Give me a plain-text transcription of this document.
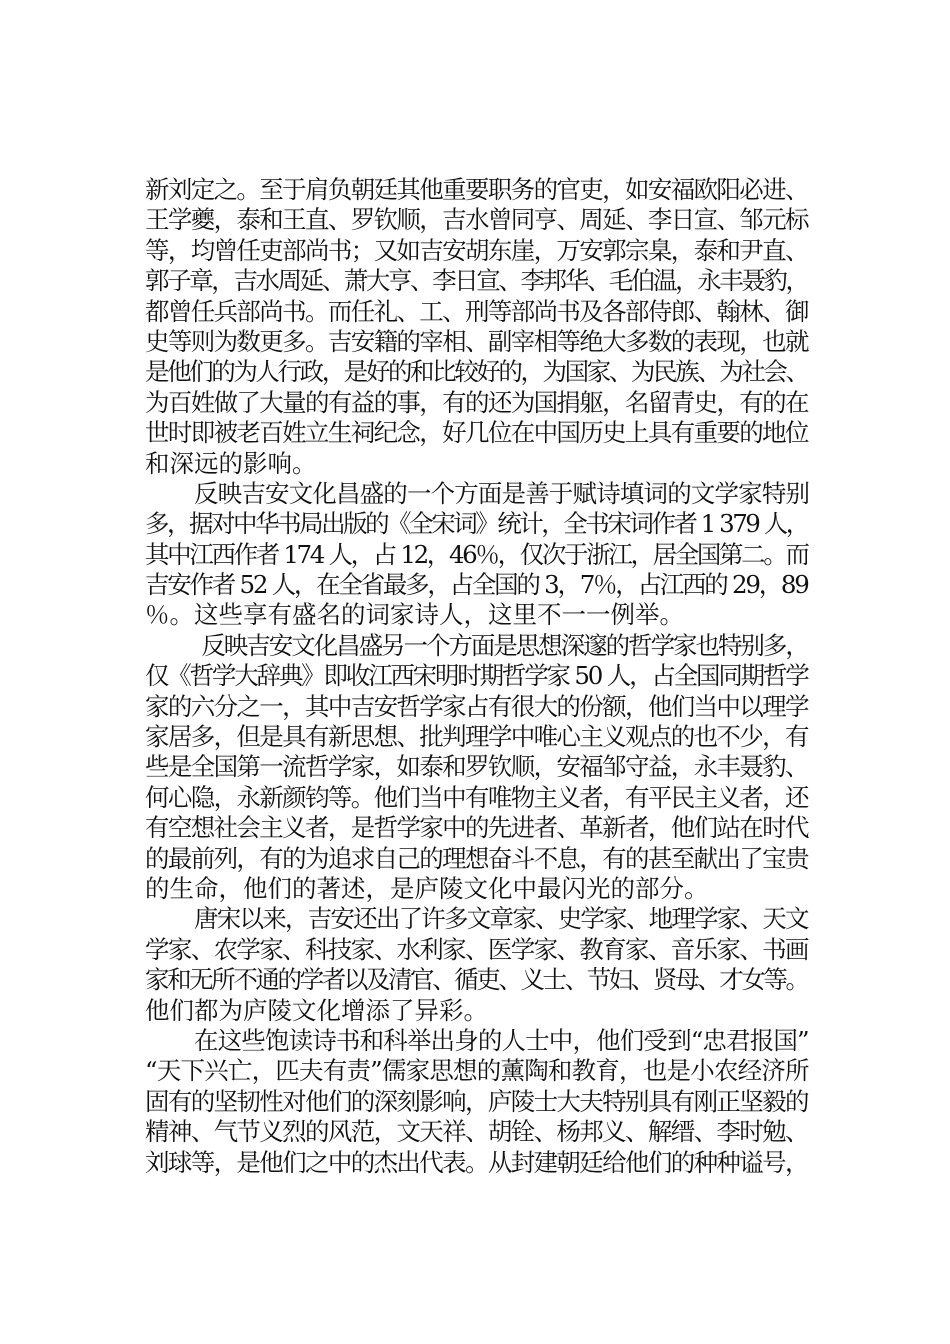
新刘定之。至于肩负朝廷其他重要职务的官吏，如安福欧阳必进、
王学夔，泰和王直、罗钦顺，吉水曾同亨、周延、李日宣、邹元标
等，均曾任吏部尚书；又如吉安胡东崖，万安郭宗臬，泰和尹直、
郭子章，吉水周延、萧大亨、李日宣、李邦华、毛伯温，永丰聂豹，
都曾任兵部尚书。而任礼、工、刑等部尚书及各部侍郎、翰林、御
史等则为数更多。吉安籍的宰相、副宰相等绝大多数的表现，也就
是他们的为人行政，是好的和比较好的，为国家、为民族、为社会、
为百姓做了大量的有益的事，有的还为国捐躯，名留青史，有的在
世时即被老百姓立生祠纪念，好几位在中国历史上具有重要的地位
和深远的影响。
反映吉安文化昌盛的一个方面是善于赋诗填词的文学家特别
多，据对中华书局出版的《全宋词》统计，全书宋词作者 1 379 人，
其中江西作者 174 人，占 12，46％，仅次于浙江，居全国第二。而
吉安作者 52 人，在全省最多，占全国的 3，7％，占江西的 29，89
％。这些享有盛名的词家诗人，这里不一一例举。
反映吉安文化昌盛另一个方面是思想深邃的哲学家也特别多，
仅《哲学大辞典》即收江西宋明时期哲学家 50 人，占全国同期哲学
家的六分之一，其中吉安哲学家占有很大的份额，他们当中以理学
家居多，但是具有新思想、批判理学中唯心主义观点的也不少，有
些是全国第一流哲学家，如泰和罗钦顺，安福邹守益，永丰聂豹、
何心隐，永新颜钧等。他们当中有唯物主义者，有平民主义者，还
有空想社会主义者，是哲学家中的先进者、革新者，他们站在时代
的最前列，有的为追求自己的理想奋斗不息，有的甚至献出了宝贵
的生命，他们的著述，是庐陵文化中最闪光的部分。
唐宋以来，吉安还出了许多文章家、史学家、地理学家、天文
学家、农学家、科技家、水利家、医学家、教育家、音乐家、书画
家和无所不通的学者以及清官、循吏、义士、节妇、贤母、才女等。
他们都为庐陵文化增添了异彩。
在这些饱读诗书和科举出身的人士中，他们受到“忠君报国”
“天下兴亡，匹夫有责”儒家思想的薰陶和教育，也是小农经济所
固有的坚韧性对他们的深刻影响，庐陵士大夫特别具有刚正坚毅的
精神、气节义烈的风范，文天祥、胡铨、杨邦义、解缙、李时勉、
刘球等，是他们之中的杰出代表。从封建朝廷给他们的种种谥号，
